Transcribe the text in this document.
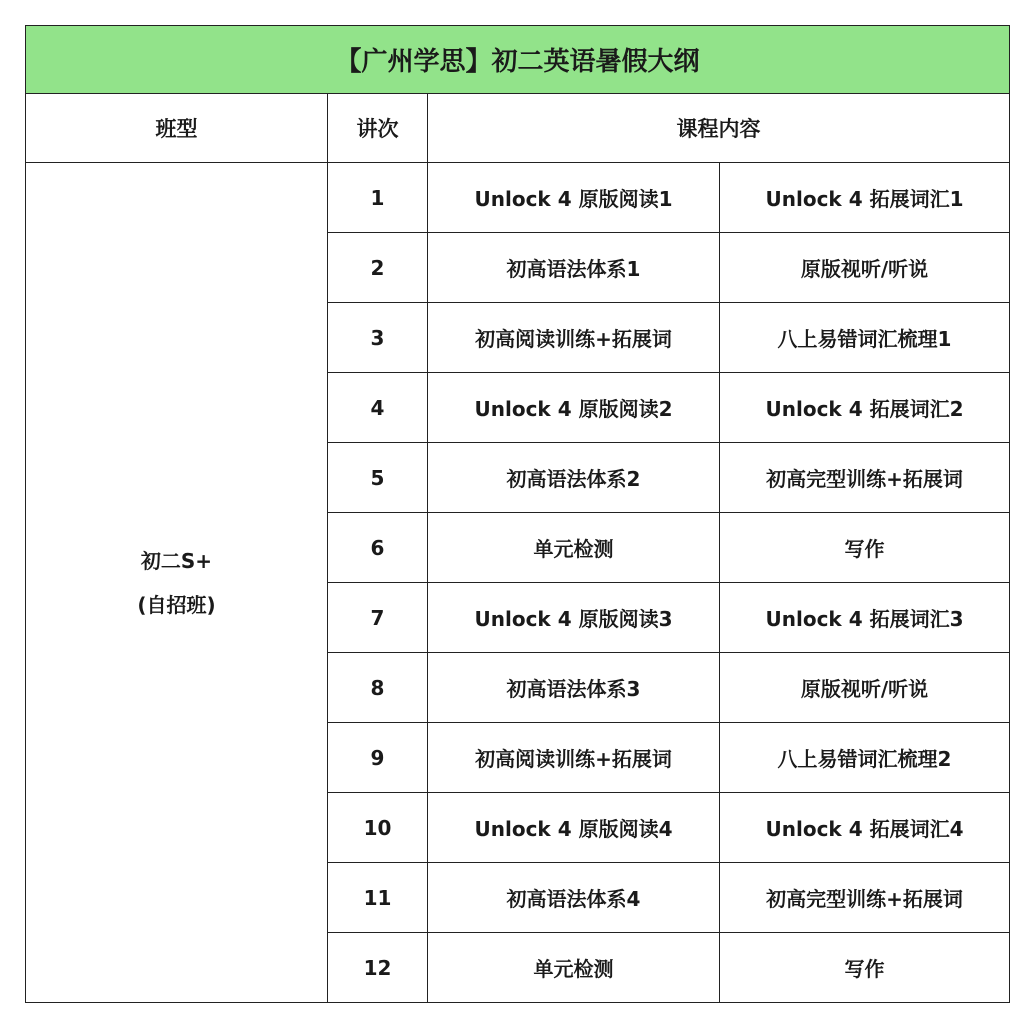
【广州学思】初二英语暑假大纲			
班型	讲次	课程内容	

初二S+
(自招班)	1	Unlock 4 原版阅读1	Unlock 4 拓展词汇1
	2	初高语法体系1	原版视听/听说
	3	初高阅读训练+拓展词	八上易错词汇梳理1
	4	Unlock 4 原版阅读2	Unlock 4 拓展词汇2
	5	初高语法体系2	初高完型训练+拓展词
	6	单元检测	写作
	7	Unlock 4 原版阅读3	Unlock 4 拓展词汇3
	8	初高语法体系3	原版视听/听说
	9	初高阅读训练+拓展词	八上易错词汇梳理2
	10	Unlock 4 原版阅读4	Unlock 4 拓展词汇4
	11	初高语法体系4	初高完型训练+拓展词
	12	单元检测	写作
